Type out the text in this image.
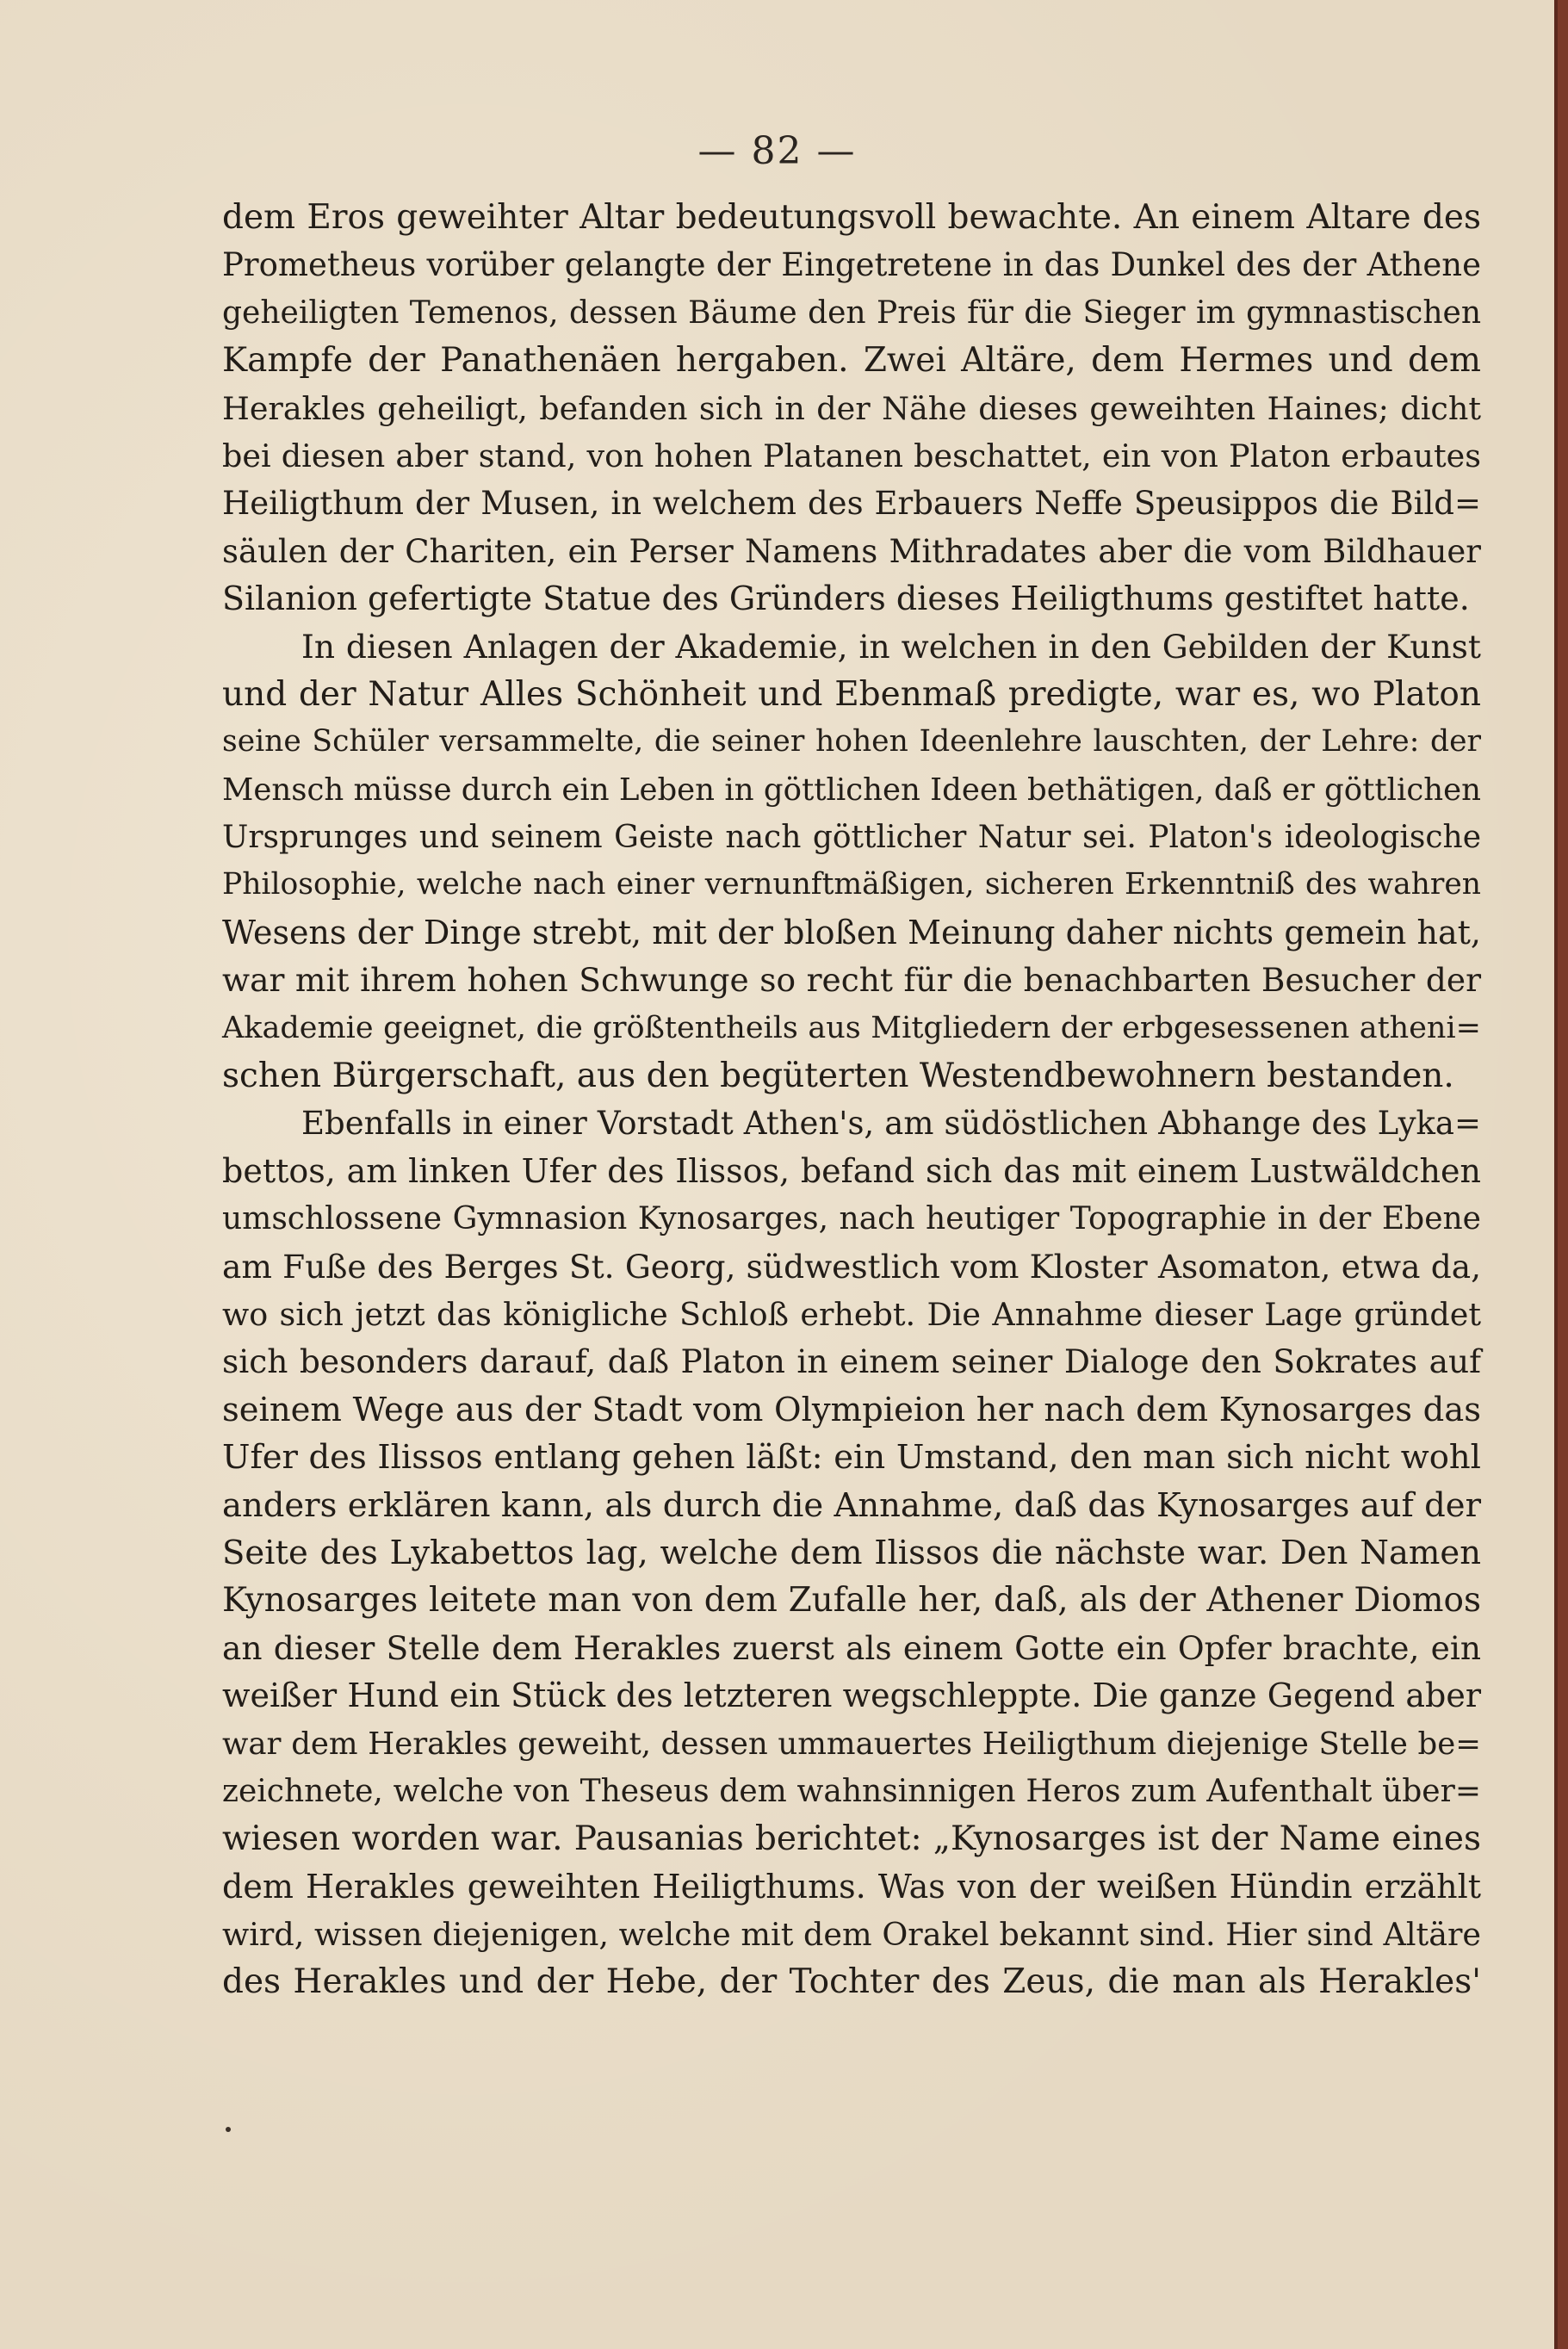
— 82 —
dem Eros geweihter Altar bedeutungsvoll bewachte. An einem Altare des
Prometheus vorüber gelangte der Eingetretene in das Dunkel des der Athene
geheiligten Temenos, dessen Bäume den Preis für die Sieger im gymnastischen
Kampfe der Panathenäen hergaben. Zwei Altäre, dem Hermes und dem
Herakles geheiligt, befanden sich in der Nähe dieses geweihten Haines; dicht
bei diesen aber stand, von hohen Platanen beschattet, ein von Platon erbautes
Heiligthum der Musen, in welchem des Erbauers Neffe Speusippos die Bild=
säulen der Chariten, ein Perser Namens Mithradates aber die vom Bildhauer
Silanion gefertigte Statue des Gründers dieses Heiligthums gestiftet hatte.
In diesen Anlagen der Akademie, in welchen in den Gebilden der Kunst
und der Natur Alles Schönheit und Ebenmaß predigte, war es, wo Platon
seine Schüler versammelte, die seiner hohen Ideenlehre lauschten, der Lehre: der
Mensch müsse durch ein Leben in göttlichen Ideen bethätigen, daß er göttlichen
Ursprunges und seinem Geiste nach göttlicher Natur sei. Platon's ideologische
Philosophie, welche nach einer vernunftmäßigen, sicheren Erkenntniß des wahren
Wesens der Dinge strebt, mit der bloßen Meinung daher nichts gemein hat,
war mit ihrem hohen Schwunge so recht für die benachbarten Besucher der
Akademie geeignet, die größtentheils aus Mitgliedern der erbgesessenen atheni=
schen Bürgerschaft, aus den begüterten Westendbewohnern bestanden.
Ebenfalls in einer Vorstadt Athen's, am südöstlichen Abhange des Lyka=
bettos, am linken Ufer des Ilissos, befand sich das mit einem Lustwäldchen
umschlossene Gymnasion Kynosarges, nach heutiger Topographie in der Ebene
am Fuße des Berges St. Georg, südwestlich vom Kloster Asomaton, etwa da,
wo sich jetzt das königliche Schloß erhebt. Die Annahme dieser Lage gründet
sich besonders darauf, daß Platon in einem seiner Dialoge den Sokrates auf
seinem Wege aus der Stadt vom Olympieion her nach dem Kynosarges das
Ufer des Ilissos entlang gehen läßt: ein Umstand, den man sich nicht wohl
anders erklären kann, als durch die Annahme, daß das Kynosarges auf der
Seite des Lykabettos lag, welche dem Ilissos die nächste war. Den Namen
Kynosarges leitete man von dem Zufalle her, daß, als der Athener Diomos
an dieser Stelle dem Herakles zuerst als einem Gotte ein Opfer brachte, ein
weißer Hund ein Stück des letzteren wegschleppte. Die ganze Gegend aber
war dem Herakles geweiht, dessen ummauertes Heiligthum diejenige Stelle be=
zeichnete, welche von Theseus dem wahnsinnigen Heros zum Aufenthalt über=
wiesen worden war. Pausanias berichtet: „Kynosarges ist der Name eines
dem Herakles geweihten Heiligthums. Was von der weißen Hündin erzählt
wird, wissen diejenigen, welche mit dem Orakel bekannt sind. Hier sind Altäre
des Herakles und der Hebe, der Tochter des Zeus, die man als Herakles'
